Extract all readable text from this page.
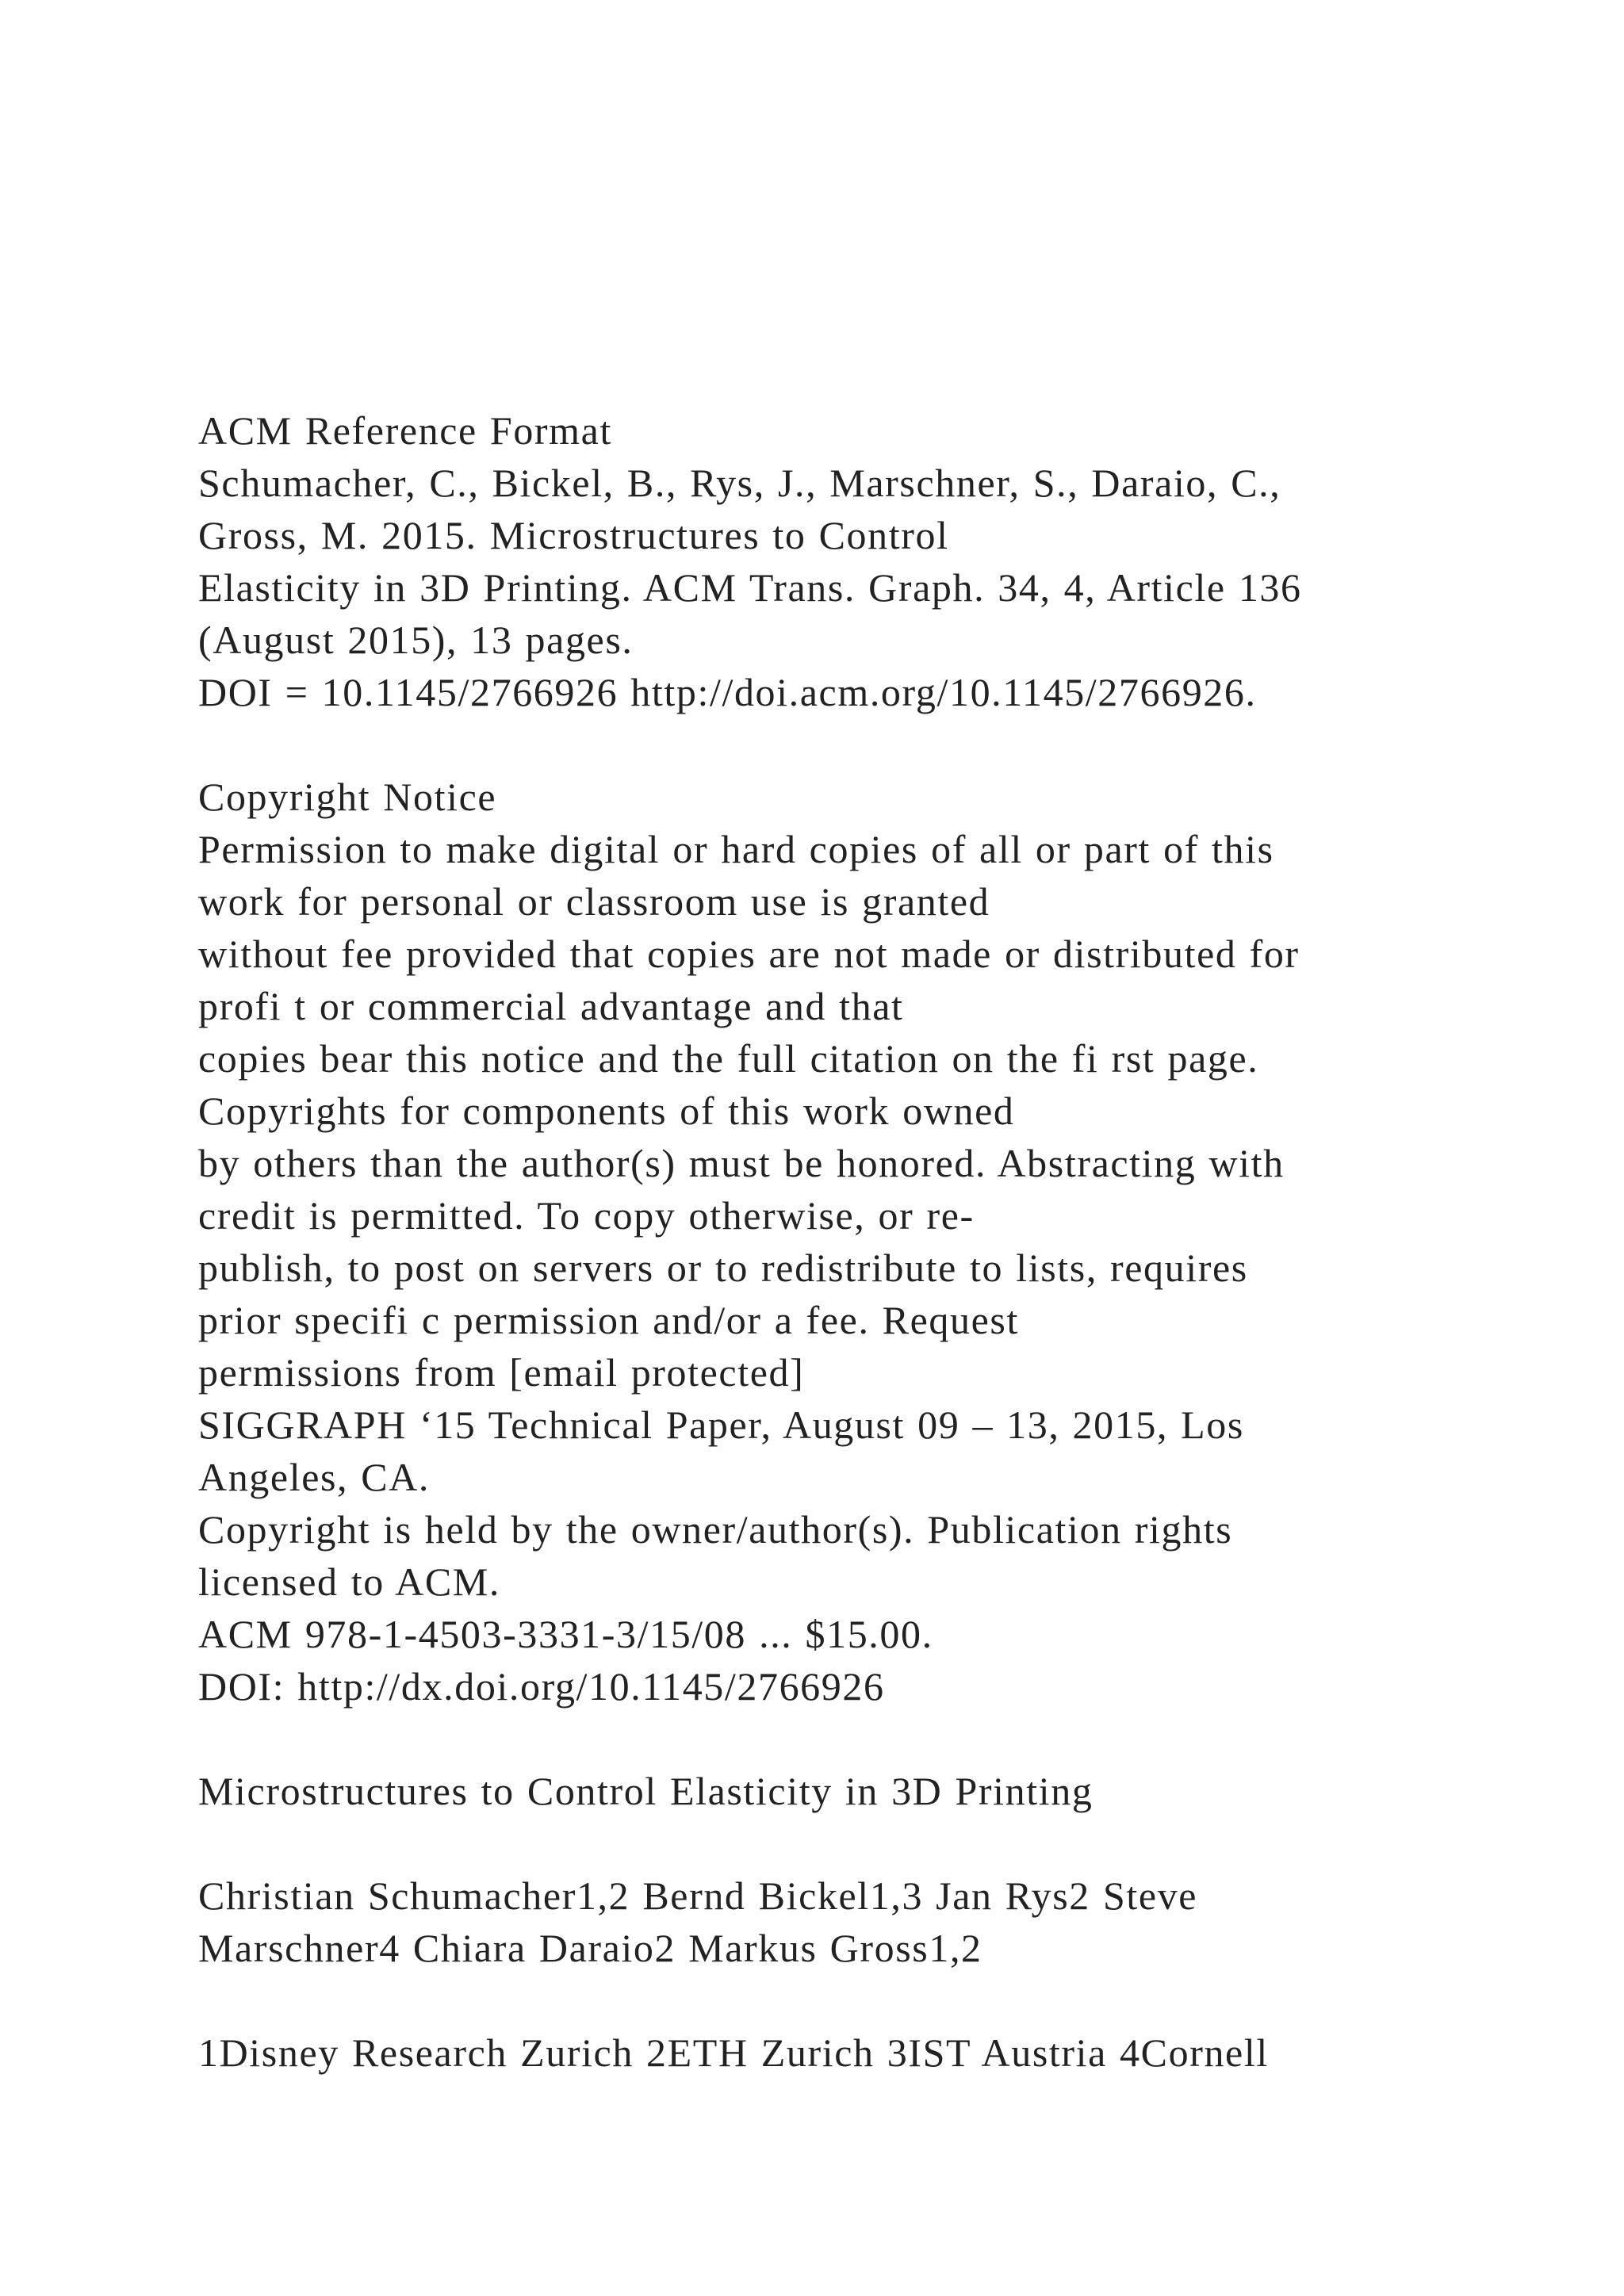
ACM Reference Format
Schumacher, C., Bickel, B., Rys, J., Marschner, S., Daraio, C.,
Gross, M. 2015. Microstructures to Control
Elasticity in 3D Printing. ACM Trans. Graph. 34, 4, Article 136
(August 2015), 13 pages.
DOI = 10.1145/2766926 http://doi.acm.org/10.1145/2766926.
Copyright Notice
Permission to make digital or hard copies of all or part of this
work for personal or classroom use is granted
without fee provided that copies are not made or distributed for
profi t or commercial advantage and that
copies bear this notice and the full citation on the fi rst page.
Copyrights for components of this work owned
by others than the author(s) must be honored. Abstracting with
credit is permitted. To copy otherwise, or re-
publish, to post on servers or to redistribute to lists, requires
prior specifi c permission and/or a fee. Request
permissions from [email protected]
SIGGRAPH ‘15 Technical Paper, August 09 – 13, 2015, Los
Angeles, CA.
Copyright is held by the owner/author(s). Publication rights
licensed to ACM.
ACM 978-1-4503-3331-3/15/08 ... $15.00.
DOI: http://dx.doi.org/10.1145/2766926
Microstructures to Control Elasticity in 3D Printing
Christian Schumacher1,2 Bernd Bickel1,3 Jan Rys2 Steve
Marschner4 Chiara Daraio2 Markus Gross1,2
1Disney Research Zurich 2ETH Zurich 3IST Austria 4Cornell
